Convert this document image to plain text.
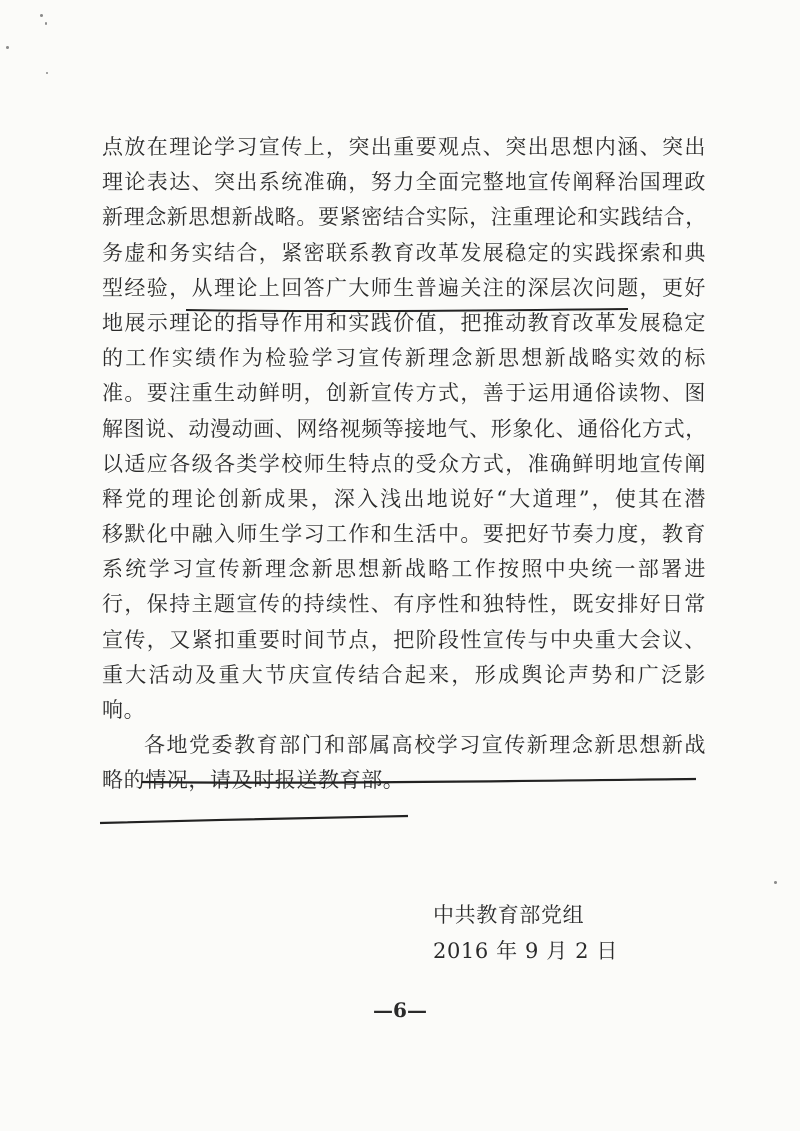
点放在理论学习宣传上，突出重要观点、突出思想内涵、突出
理论表达、突出系统准确，努力全面完整地宣传阐释治国理政
新理念新思想新战略。要紧密结合实际，注重理论和实践结合，
务虚和务实结合，紧密联系教育改革发展稳定的实践探索和典
型经验，从理论上回答广大师生普遍关注的深层次问题，更好
地展示理论的指导作用和实践价值，把推动教育改革发展稳定
的工作实绩作为检验学习宣传新理念新思想新战略实效的标
准。要注重生动鲜明，创新宣传方式，善于运用通俗读物、图
解图说、动漫动画、网络视频等接地气、形象化、通俗化方式，
以适应各级各类学校师生特点的受众方式，准确鲜明地宣传阐
释党的理论创新成果，深入浅出地说好“大道理”，使其在潜
移默化中融入师生学习工作和生活中。要把好节奏力度，教育
系统学习宣传新理念新思想新战略工作按照中央统一部署进
行，保持主题宣传的持续性、有序性和独特性，既安排好日常
宣传，又紧扣重要时间节点，把阶段性宣传与中央重大会议、
重大活动及重大节庆宣传结合起来，形成舆论声势和广泛影
响。
各地党委教育部门和部属高校学习宣传新理念新思想新战
略的情况，请及时报送教育部。
中共教育部党组
2016 年 9 月 2 日
—6—
